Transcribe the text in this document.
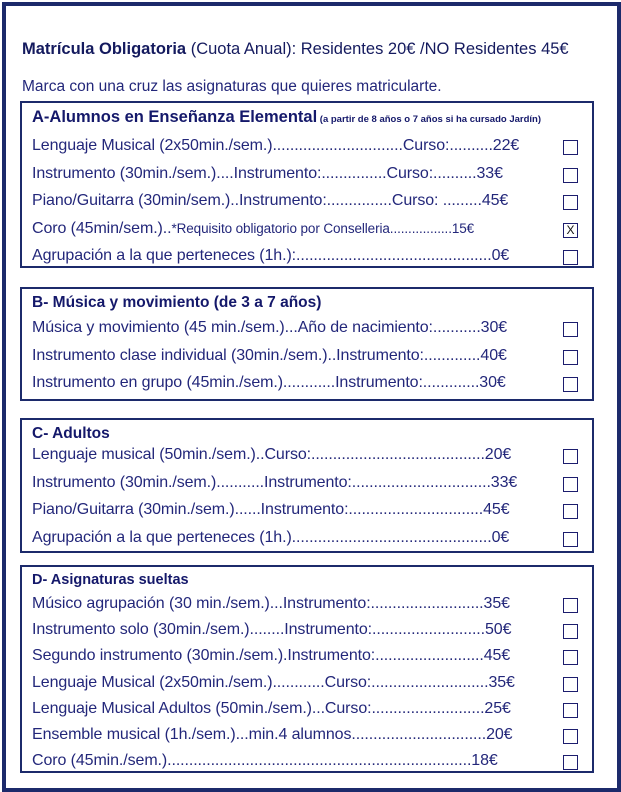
Matrícula Obligatoria (Cuota Anual): Residentes 20€ /NO Residentes 45€
Marca con una cruz las asignaturas que quieres matricularte.
A-Alumnos en Enseñanza Elemental (a partir de 8 años o 7 años si ha cursado Jardín)
Lenguaje Musical (2x50min./sem.)..............................Curso:..........22€
Instrumento (30min./sem.)....Instrumento:...............Curso:..........33€
Piano/Guitarra (30min/sem.)..Instrumento:...............Curso: .........45€
Coro (45min/sem.)..*Requisito obligatorio por Conselleria.................15€	X
Agrupación a la que perteneces (1h.):.............................................0€
B- Música y movimiento (de 3 a 7 años)
Música y movimiento (45 min./sem.)...Año de nacimiento:...........30€
Instrumento clase individual (30min./sem.)..Instrumento:.............40€
Instrumento en grupo (45min./sem.)............Instrumento:.............30€
C- Adultos
Lenguaje musical (50min./sem.)..Curso:........................................20€
Instrumento (30min./sem.)...........Instrumento:................................33€
Piano/Guitarra (30min./sem.)......Instrumento:...............................45€
Agrupación a la que perteneces (1h.)..............................................0€
D- Asignaturas sueltas
Músico agrupación (30 min./sem.)...Instrumento:..........................35€
Instrumento solo (30min./sem.)........Instrumento:..........................50€
Segundo instrumento (30min./sem.).Instrumento:.........................45€
Lenguaje Musical (2x50min./sem.)............Curso:...........................35€
Lenguaje Musical Adultos (50min./sem.)...Curso:..........................25€
Ensemble musical (1h./sem.)...min.4 alumnos...............................20€
Coro (45min./sem.)......................................................................18€
